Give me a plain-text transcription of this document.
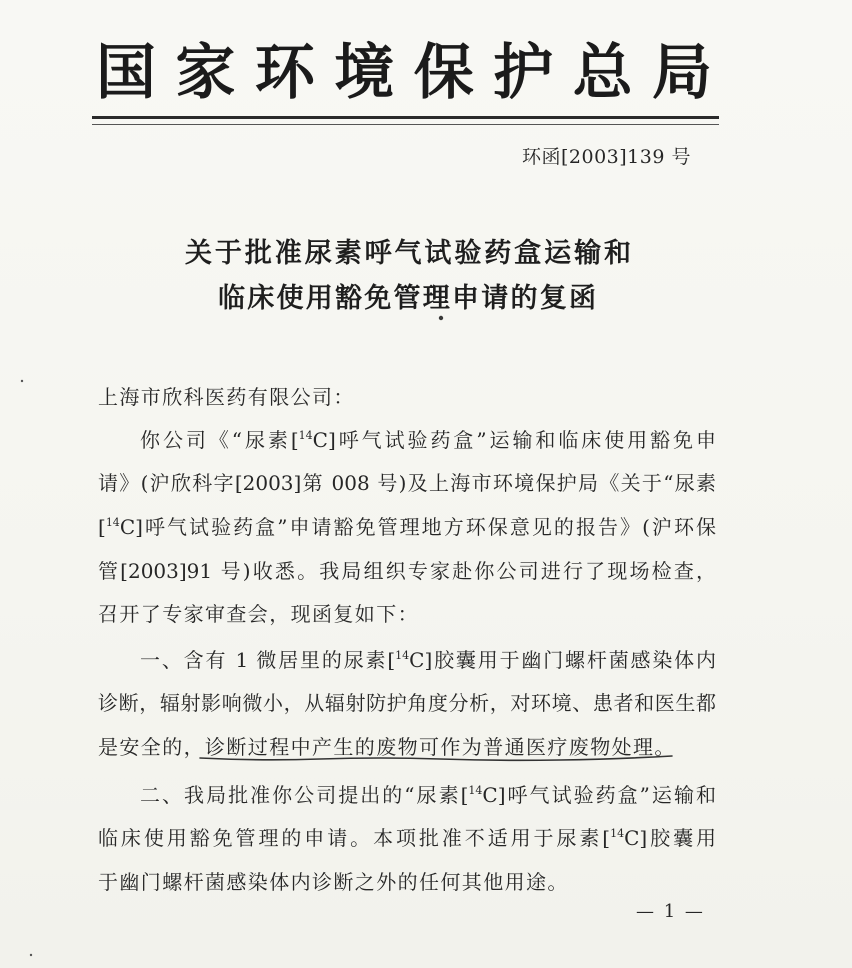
国家环境保护总局
环函[2003]139 号
关于批准尿素呼气试验药盒运输和
临床使用豁免管理申请的复函
上海市欣科医药有限公司：
你公司《“尿素[$^{14}$C]呼气试验药盒”运输和临床使用豁免申
请》(沪欣科字[2003]第 008 号)及上海市环境保护局《关于“尿素
[$^{14}$C]呼气试验药盒”申请豁免管理地方环保意见的报告》(沪环保
管[2003]91 号)收悉。我局组织专家赴你公司进行了现场检查，
召开了专家审查会，现函复如下：
一、含有 1 微居里的尿素[$^{14}$C]胶囊用于幽门螺杆菌感染体内
诊断，辐射影响微小，从辐射防护角度分析，对环境、患者和医生都
是安全的，诊断过程中产生的废物可作为普通医疗废物处理。
二、我局批准你公司提出的“尿素[$^{14}$C]呼气试验药盒”运输和
临床使用豁免管理的申请。本项批准不适用于尿素[$^{14}$C]胶囊用
于幽门螺杆菌感染体内诊断之外的任何其他用途。
— 1 —
